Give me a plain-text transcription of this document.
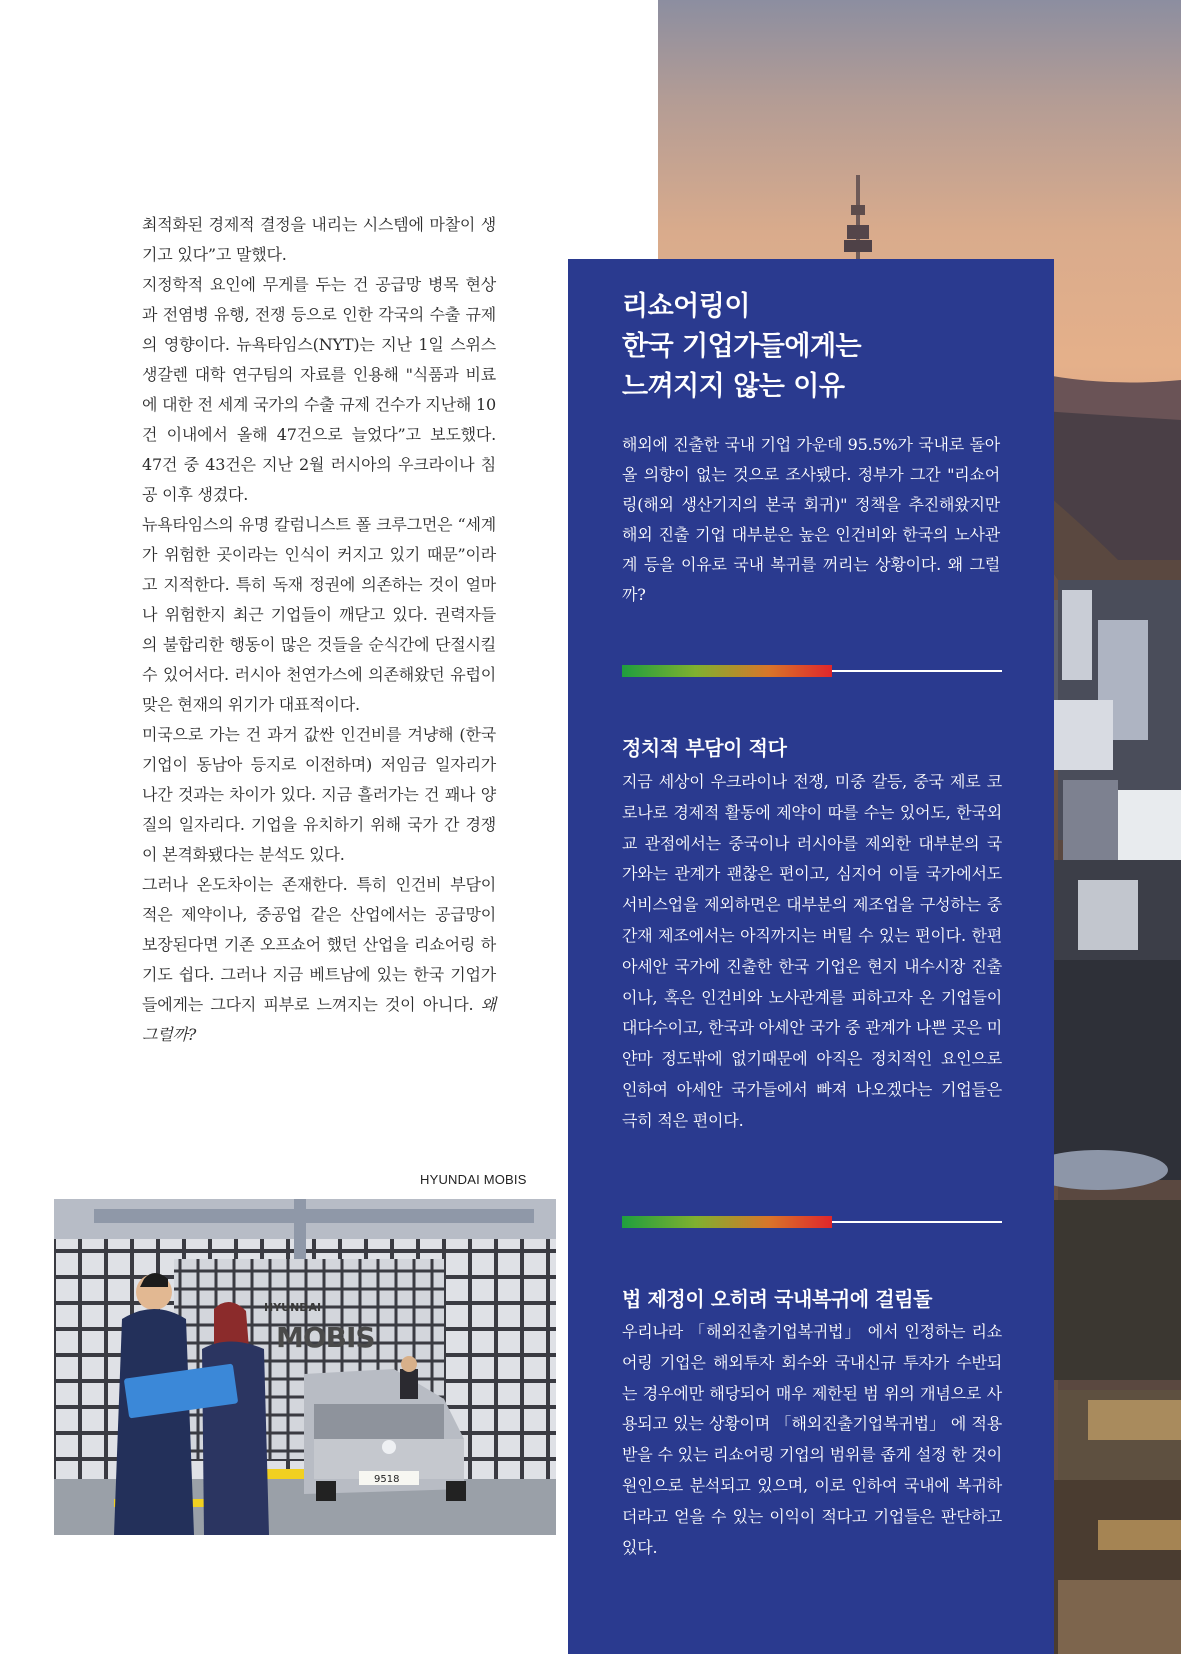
최적화된 경제적 결정을 내리는 시스템에 마찰이 생기고 있다”고 말했다.

지정학적 요인에 무게를 두는 건 공급망 병목 현상과 전염병 유행, 전쟁 등으로 인한 각국의 수출 규제의 영향이다. 뉴욕타임스(NYT)는 지난 1일 스위스 생갈렌 대학 연구팀의 자료를 인용해 "식품과 비료에 대한 전 세계 국가의 수출 규제 건수가 지난해 10건 이내에서 올해 47건으로 늘었다”고 보도했다. 47건 중 43건은 지난 2월 러시아의 우크라이나 침공 이후 생겼다.

뉴욕타임스의 유명 칼럼니스트 폴 크루그먼은 “세계가 위험한 곳이라는 인식이 커지고 있기 때문”이라고 지적한다. 특히 독재 정권에 의존하는 것이 얼마나 위험한지 최근 기업들이 깨닫고 있다. 권력자들의 불합리한 행동이 많은 것들을 순식간에 단절시킬 수 있어서다. 러시아 천연가스에 의존해왔던 유럽이 맞은 현재의 위기가 대표적이다.

미국으로 가는 건 과거 값싼 인건비를 겨냥해 (한국 기업이 동남아 등지로 이전하며) 저임금 일자리가 나간 것과는 차이가 있다. 지금 흘러가는 건 꽤나 양질의 일자리다. 기업을 유치하기 위해 국가 간 경쟁이 본격화됐다는 분석도 있다.

그러나 온도차이는 존재한다. 특히 인건비 부담이 적은 제약이나, 중공업 같은 산업에서는 공급망이 보장된다면 기존 오프쇼어 했던 산업을 리쇼어링 하기도 쉽다. 그러나 지금 베트남에 있는 한국 기업가들에게는 그다지 피부로 느껴지는 것이 아니다. 왜 그럴까?

HYUNDAI MOBIS
HYUNDAI
MOBIS
9518
리쇼어링이
한국 기업가들에게는
느껴지지 않는 이유

해외에 진출한 국내 기업 가운데 95.5%가 국내로 돌아올 의향이 없는 것으로 조사됐다. 정부가 그간 "리쇼어링(해외 생산기지의 본국 회귀)" 정책을 추진해왔지만 해외 진출 기업 대부분은 높은 인건비와 한국의 노사관계 등을 이유로 국내 복귀를 꺼리는 상황이다. 왜 그럴까?

정치적 부담이 적다

지금 세상이 우크라이나 전쟁, 미중 갈등, 중국 제로 코로나로 경제적 활동에 제약이 따를 수는 있어도, 한국외교 관점에서는 중국이나 러시아를 제외한 대부분의 국가와는 관계가 괜찮은 편이고, 심지어 이들 국가에서도 서비스업을 제외하면은 대부분의 제조업을 구성하는 중간재 제조에서는 아직까지는 버틸 수 있는 편이다. 한편 아세안 국가에 진출한 한국 기업은 현지 내수시장 진출이나, 혹은 인건비와 노사관계를 피하고자 온 기업들이 대다수이고, 한국과 아세안 국가 중 관계가 나쁜 곳은 미얀마 정도밖에 없기때문에 아직은 정치적인 요인으로 인하여 아세안 국가들에서 빠져 나오겠다는 기업들은 극히 적은 편이다.

법 제정이 오히려 국내복귀에 걸림돌

우리나라 「해외진출기업복귀법」 에서 인정하는 리쇼어링 기업은 해외투자 회수와 국내신규 투자가 수반되는 경우에만 해당되어 매우 제한된 범 위의 개념으로 사용되고 있는 상황이며 「해외진출기업복귀법」 에 적용받을 수 있는 리쇼어링 기업의 범위를 좁게 설정 한 것이 원인으로 분석되고 있으며, 이로 인하여 국내에 복귀하더라고 얻을 수 있는 이익이 적다고 기업들은 판단하고 있다.
